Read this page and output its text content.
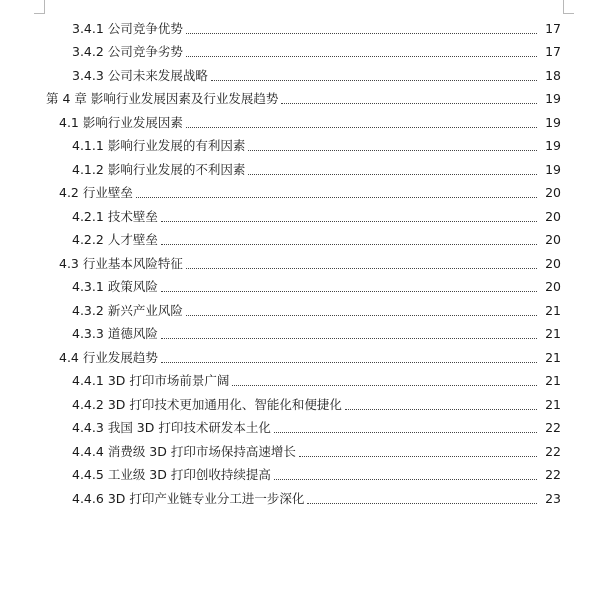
3.4.1 公司竞争优势	17
3.4.2 公司竞争劣势	17
3.4.3 公司未来发展战略	18
第 4 章 影响行业发展因素及行业发展趋势	19
4.1 影响行业发展因素	19
4.1.1 影响行业发展的有利因素	19
4.1.2 影响行业发展的不利因素	19
4.2 行业壁垒	20
4.2.1 技术壁垒	20
4.2.2 人才壁垒	20
4.3 行业基本风险特征	20
4.3.1 政策风险	20
4.3.2 新兴产业风险	21
4.3.3 道德风险	21
4.4 行业发展趋势	21
4.4.1 3D 打印市场前景广阔	21
4.4.2 3D 打印技术更加通用化、智能化和便捷化	21
4.4.3 我国 3D 打印技术研发本土化	22
4.4.4 消费级 3D 打印市场保持高速增长	22
4.4.5 工业级 3D 打印创收持续提高	22
4.4.6 3D 打印产业链专业分工进一步深化	23
